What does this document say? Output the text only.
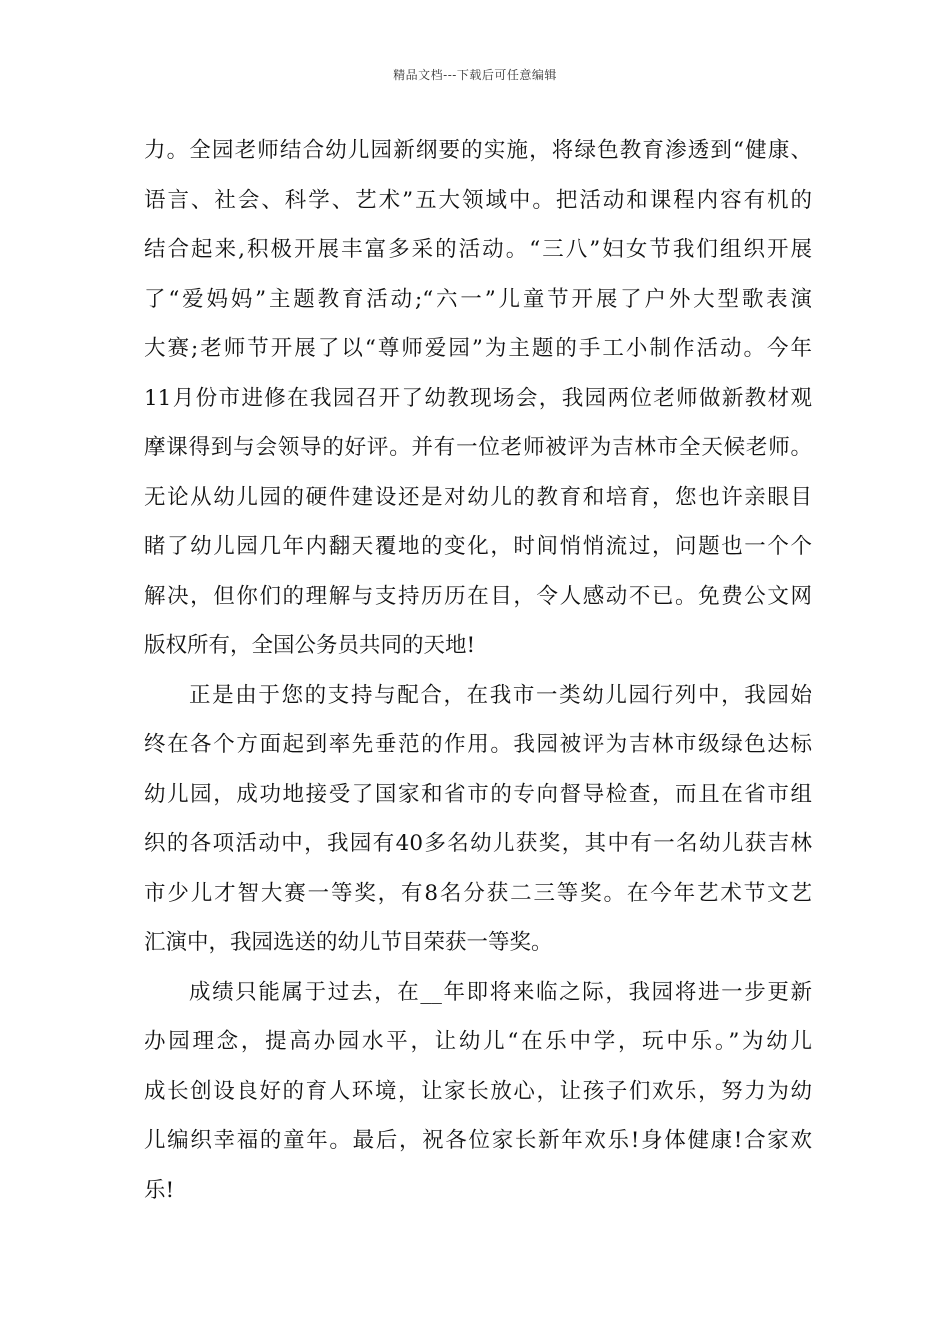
精品文档---下载后可任意编辑
力。全园老师结合幼儿园新纲要的实施，将绿色教育渗透到“健康、
语言、社会、科学、艺术”五大领域中。把活动和课程内容有机的
结合起来,积极开展丰富多采的活动。“三八”妇女节我们组织开展
了“爱妈妈”主题教育活动;“六一”儿童节开展了户外大型歌表演
大赛;老师节开展了以“尊师爱园”为主题的手工小制作活动。今年
11月份市进修在我园召开了幼教现场会，我园两位老师做新教材观
摩课得到与会领导的好评。并有一位老师被评为吉林市全天候老师。
无论从幼儿园的硬件建设还是对幼儿的教育和培育，您也许亲眼目
睹了幼儿园几年内翻天覆地的变化，时间悄悄流过，问题也一个个
解决，但你们的理解与支持历历在目，令人感动不已。免费公文网
版权所有，全国公务员共同的天地!
正是由于您的支持与配合，在我市一类幼儿园行列中，我园始
终在各个方面起到率先垂范的作用。我园被评为吉林市级绿色达标
幼儿园，成功地接受了国家和省市的专向督导检查，而且在省市组
织的各项活动中，我园有40多名幼儿获奖，其中有一名幼儿获吉林
市少儿才智大赛一等奖，有8名分获二三等奖。在今年艺术节文艺
汇演中，我园选送的幼儿节目荣获一等奖。
成绩只能属于过去，在__年即将来临之际，我园将进一步更新
办园理念，提高办园水平，让幼儿“在乐中学，玩中乐。”为幼儿
成长创设良好的育人环境，让家长放心，让孩子们欢乐，努力为幼
儿编织幸福的童年。最后，祝各位家长新年欢乐!身体健康!合家欢
乐!
